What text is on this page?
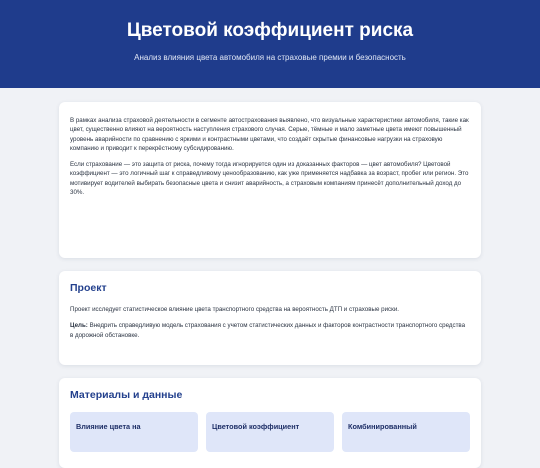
Цветовой коэффициент риска

Анализ влияния цвета автомобиля на страховые премии и безопасность

В рамках анализа страховой деятельности в сегменте автострахования выявлено, что визуальные характеристики автомобиля, такие как цвет, существенно влияют на вероятность наступления страхового случая. Серые, тёмные и мало заметные цвета имеют повышенный уровень аварийности по сравнению с яркими и контрастными цветами, что создаёт скрытые финансовые нагрузки на страховую компанию и приводит к перекрёстному субсидированию.

Если страхование — это защита от риска, почему тогда игнорируется один из доказанных факторов — цвет автомобиля? Цветовой коэффициент — это логичный шаг к справедливому ценообразованию, как уже применяется надбавка за возраст, пробег или регион. Это мотивирует водителей выбирать безопасные цвета и снизит аварийность, а страховым компаниям принесёт дополнительный доход до 30%.

Проект

Проект исследует статистическое влияние цвета транспортного средства на вероятность ДТП и страховые риски.

Цель: Внедрить справедливую модель страхования с учетом статистических данных и факторов контрастности транспортного средства в дорожной обстановке.

Материалы и данные
Влияние цвета на	Цветовой коэффициент	Комбинированный
